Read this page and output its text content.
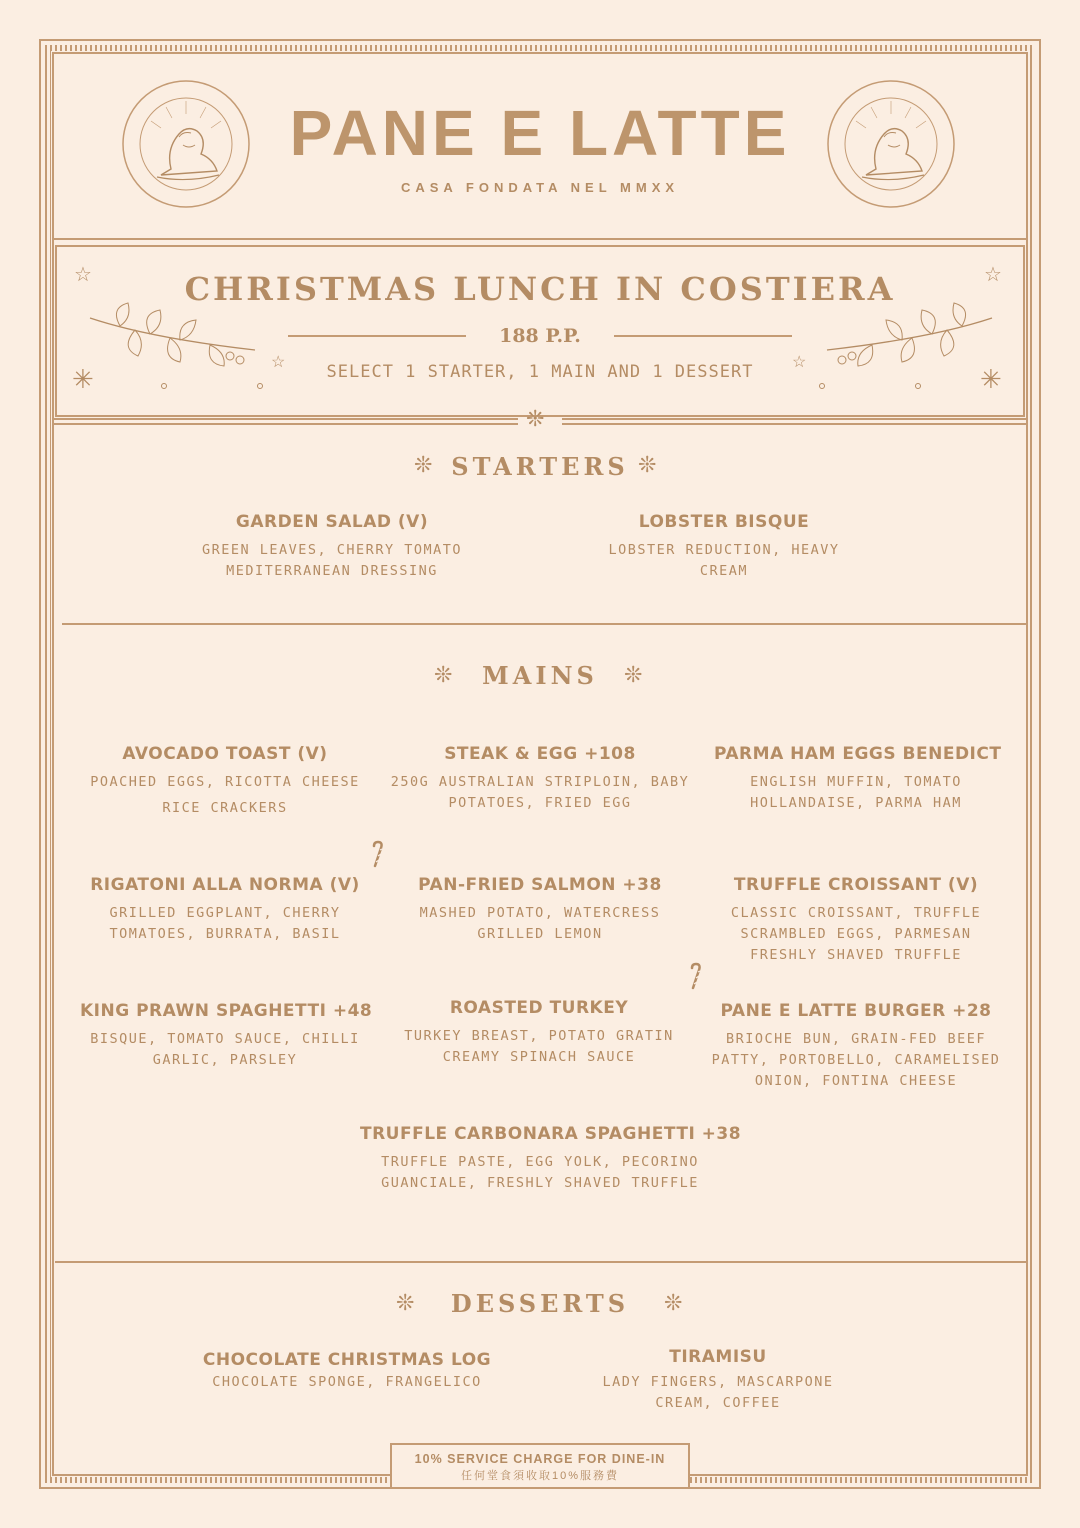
PANE E LATTE
CASA FONDATA NEL MMXX
CHRISTMAS LUNCH IN COSTIERA
188 P.P.
SELECT 1 STARTER, 1 MAIN AND 1 DESSERT
☆	☆
☆	☆
✳	✳
❊
❊ STARTERS ❊
GARDEN SALAD (V)
GREEN LEAVES, CHERRY TOMATO
MEDITERRANEAN DRESSING
LOBSTER BISQUE
LOBSTER REDUCTION, HEAVY
CREAM
❊	MAINS	❊
AVOCADO TOAST (V)
POACHED EGGS, RICOTTA CHEESE
RICE CRACKERS
STEAK & EGG +108
250G AUSTRALIAN STRIPLOIN, BABY
POTATOES, FRIED EGG
PARMA HAM EGGS BENEDICT
ENGLISH MUFFIN, TOMATO
HOLLANDAISE, PARMA HAM
RIGATONI ALLA NORMA (V)
GRILLED EGGPLANT, CHERRY
TOMATOES, BURRATA, BASIL
PAN-FRIED SALMON +38
MASHED POTATO, WATERCRESS
GRILLED LEMON
TRUFFLE CROISSANT (V)
CLASSIC CROISSANT, TRUFFLE
SCRAMBLED EGGS, PARMESAN
FRESHLY SHAVED TRUFFLE
KING PRAWN SPAGHETTI +48
BISQUE, TOMATO SAUCE, CHILLI
GARLIC, PARSLEY
ROASTED TURKEY
TURKEY BREAST, POTATO GRATIN
CREAMY SPINACH SAUCE
PANE E LATTE BURGER +28
BRIOCHE BUN, GRAIN-FED BEEF
PATTY, PORTOBELLO, CARAMELISED
ONION, FONTINA CHEESE
TRUFFLE CARBONARA SPAGHETTI +38
TRUFFLE PASTE, EGG YOLK, PECORINO
GUANCIALE, FRESHLY SHAVED TRUFFLE
❊	DESSERTS	❊
CHOCOLATE CHRISTMAS LOG
CHOCOLATE SPONGE, FRANGELICO
TIRAMISU
LADY FINGERS, MASCARPONE
CREAM, COFFEE
10% SERVICE CHARGE FOR DINE-IN
任何堂食須收取10%服務費
